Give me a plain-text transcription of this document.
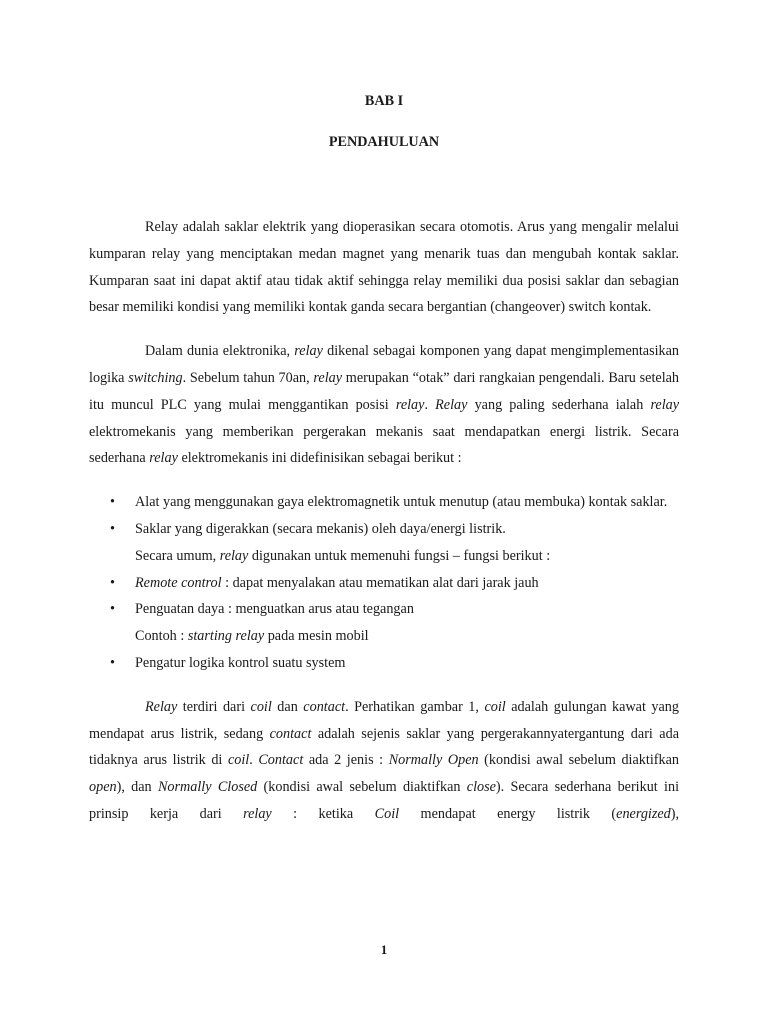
BAB I
PENDAHULUAN

Relay adalah saklar elektrik yang dioperasikan secara otomotis. Arus yang mengalir melalui kumparan relay yang menciptakan medan magnet yang menarik tuas dan mengubah kontak saklar. Kumparan saat ini dapat aktif atau tidak aktif sehingga relay memiliki dua posisi saklar dan sebagian besar memiliki kondisi yang memiliki kontak ganda secara bergantian (changeover) switch kontak.

Dalam dunia elektronika, relay dikenal sebagai komponen yang dapat mengimplementasikan logika switching. Sebelum tahun 70an, relay merupakan “otak” dari rangkaian pengendali. Baru setelah itu muncul PLC yang mulai menggantikan posisi relay. Relay yang paling sederhana ialah relay elektromekanis yang memberikan pergerakan mekanis saat mendapatkan energi listrik. Secara sederhana relay elektromekanis ini didefinisikan sebagai berikut :

• Alat yang menggunakan gaya elektromagnetik untuk menutup (atau membuka) kontak saklar.
• Saklar yang digerakkan (secara mekanis) oleh daya/energi listrik.
Secara umum, relay digunakan untuk memenuhi fungsi – fungsi berikut :
• Remote control : dapat menyalakan atau mematikan alat dari jarak jauh
• Penguatan daya : menguatkan arus atau tegangan
Contoh : starting relay pada mesin mobil
• Pengatur logika kontrol suatu system

Relay terdiri dari coil dan contact. Perhatikan gambar 1, coil adalah gulungan kawat yang mendapat arus listrik, sedang contact adalah sejenis saklar yang pergerakannyatergantung dari ada tidaknya arus listrik di coil. Contact ada 2 jenis : Normally Open (kondisi awal sebelum diaktifkan open), dan Normally Closed (kondisi awal sebelum diaktifkan close). Secara sederhana berikut ini prinsip kerja dari relay : ketika Coil mendapat energy listrik (energized),

1
